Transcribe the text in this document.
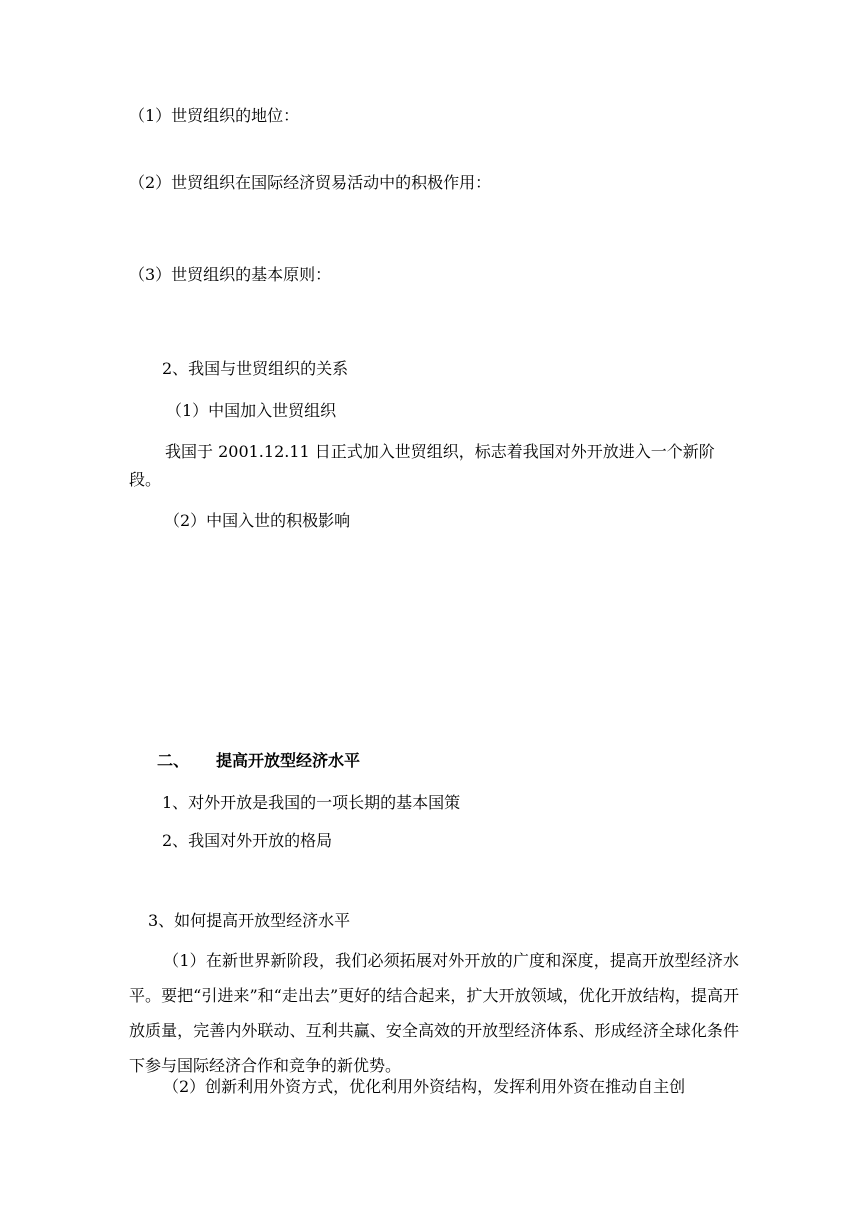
（1）世贸组织的地位：
（2）世贸组织在国际经济贸易活动中的积极作用：
（3）世贸组织的基本原则：
2、我国与世贸组织的关系
（1）中国加入世贸组织
我国于 2001.12.11 日正式加入世贸组织，标志着我国对外开放进入一个新阶
段。
（2）中国入世的积极影响
二、 提高开放型经济水平
1、对外开放是我国的一项长期的基本国策
2、我国对外开放的格局
3、如何提高开放型经济水平
（1）在新世界新阶段，我们必须拓展对外开放的广度和深度，提高开放型经济水平。要把“引进来”和“走出去”更好的结合起来，扩大开放领域，优化开放结构，提高开放质量，完善内外联动、互利共赢、安全高效的开放型经济体系、形成经济全球化条件下参与国际经济合作和竞争的新优势。
（2）创新利用外资方式，优化利用外资结构，发挥利用外资在推动自主创
